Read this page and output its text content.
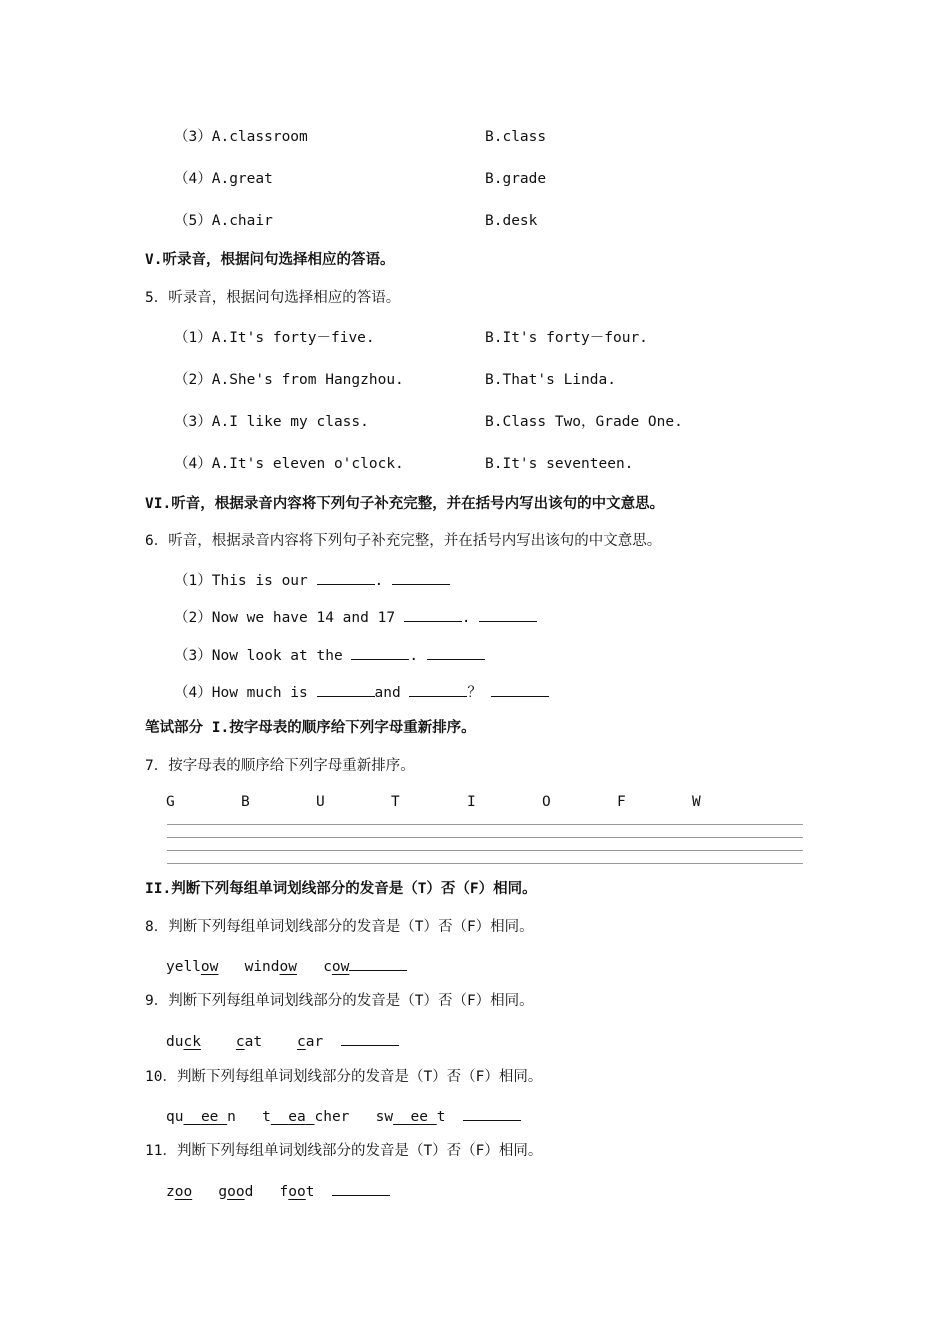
（3）A.classroom	B.class
（4）A.great	B.grade
（5）A.chair	B.desk
V.听录音，根据问句选择相应的答语。
5．听录音，根据问句选择相应的答语。
（1）A.It's forty－five.	B.It's forty－four.
（2）A.She's from Hangzhou.	B.That's Linda.
（3）A.I like my class.	B.Class Two，Grade One.
（4）A.It's eleven o'clock.	B.It's seventeen.
VI.听音，根据录音内容将下列句子补充完整，并在括号内写出该句的中文意思。
6．听音，根据录音内容将下列句子补充完整，并在括号内写出该句的中文意思。
（1）This is our	.
（2）Now we have 14 and 17	.
（3）Now look at the	.
（4）How much is	and	？
笔试部分 I.按字母表的顺序给下列字母重新排序。
7．按字母表的顺序给下列字母重新排序。
G	B	U	T	I	O	F	W
II.判断下列每组单词划线部分的发音是（T）否（F）相同。
8．判断下列每组单词划线部分的发音是（T）否（F）相同。
yellow window cow
9．判断下列每组单词划线部分的发音是（T）否（F）相同。
duck cat car
10．判断下列每组单词划线部分的发音是（T）否（F）相同。
qu ee n t ea cher sw ee t
11．判断下列每组单词划线部分的发音是（T）否（F）相同。
zoo good foot
